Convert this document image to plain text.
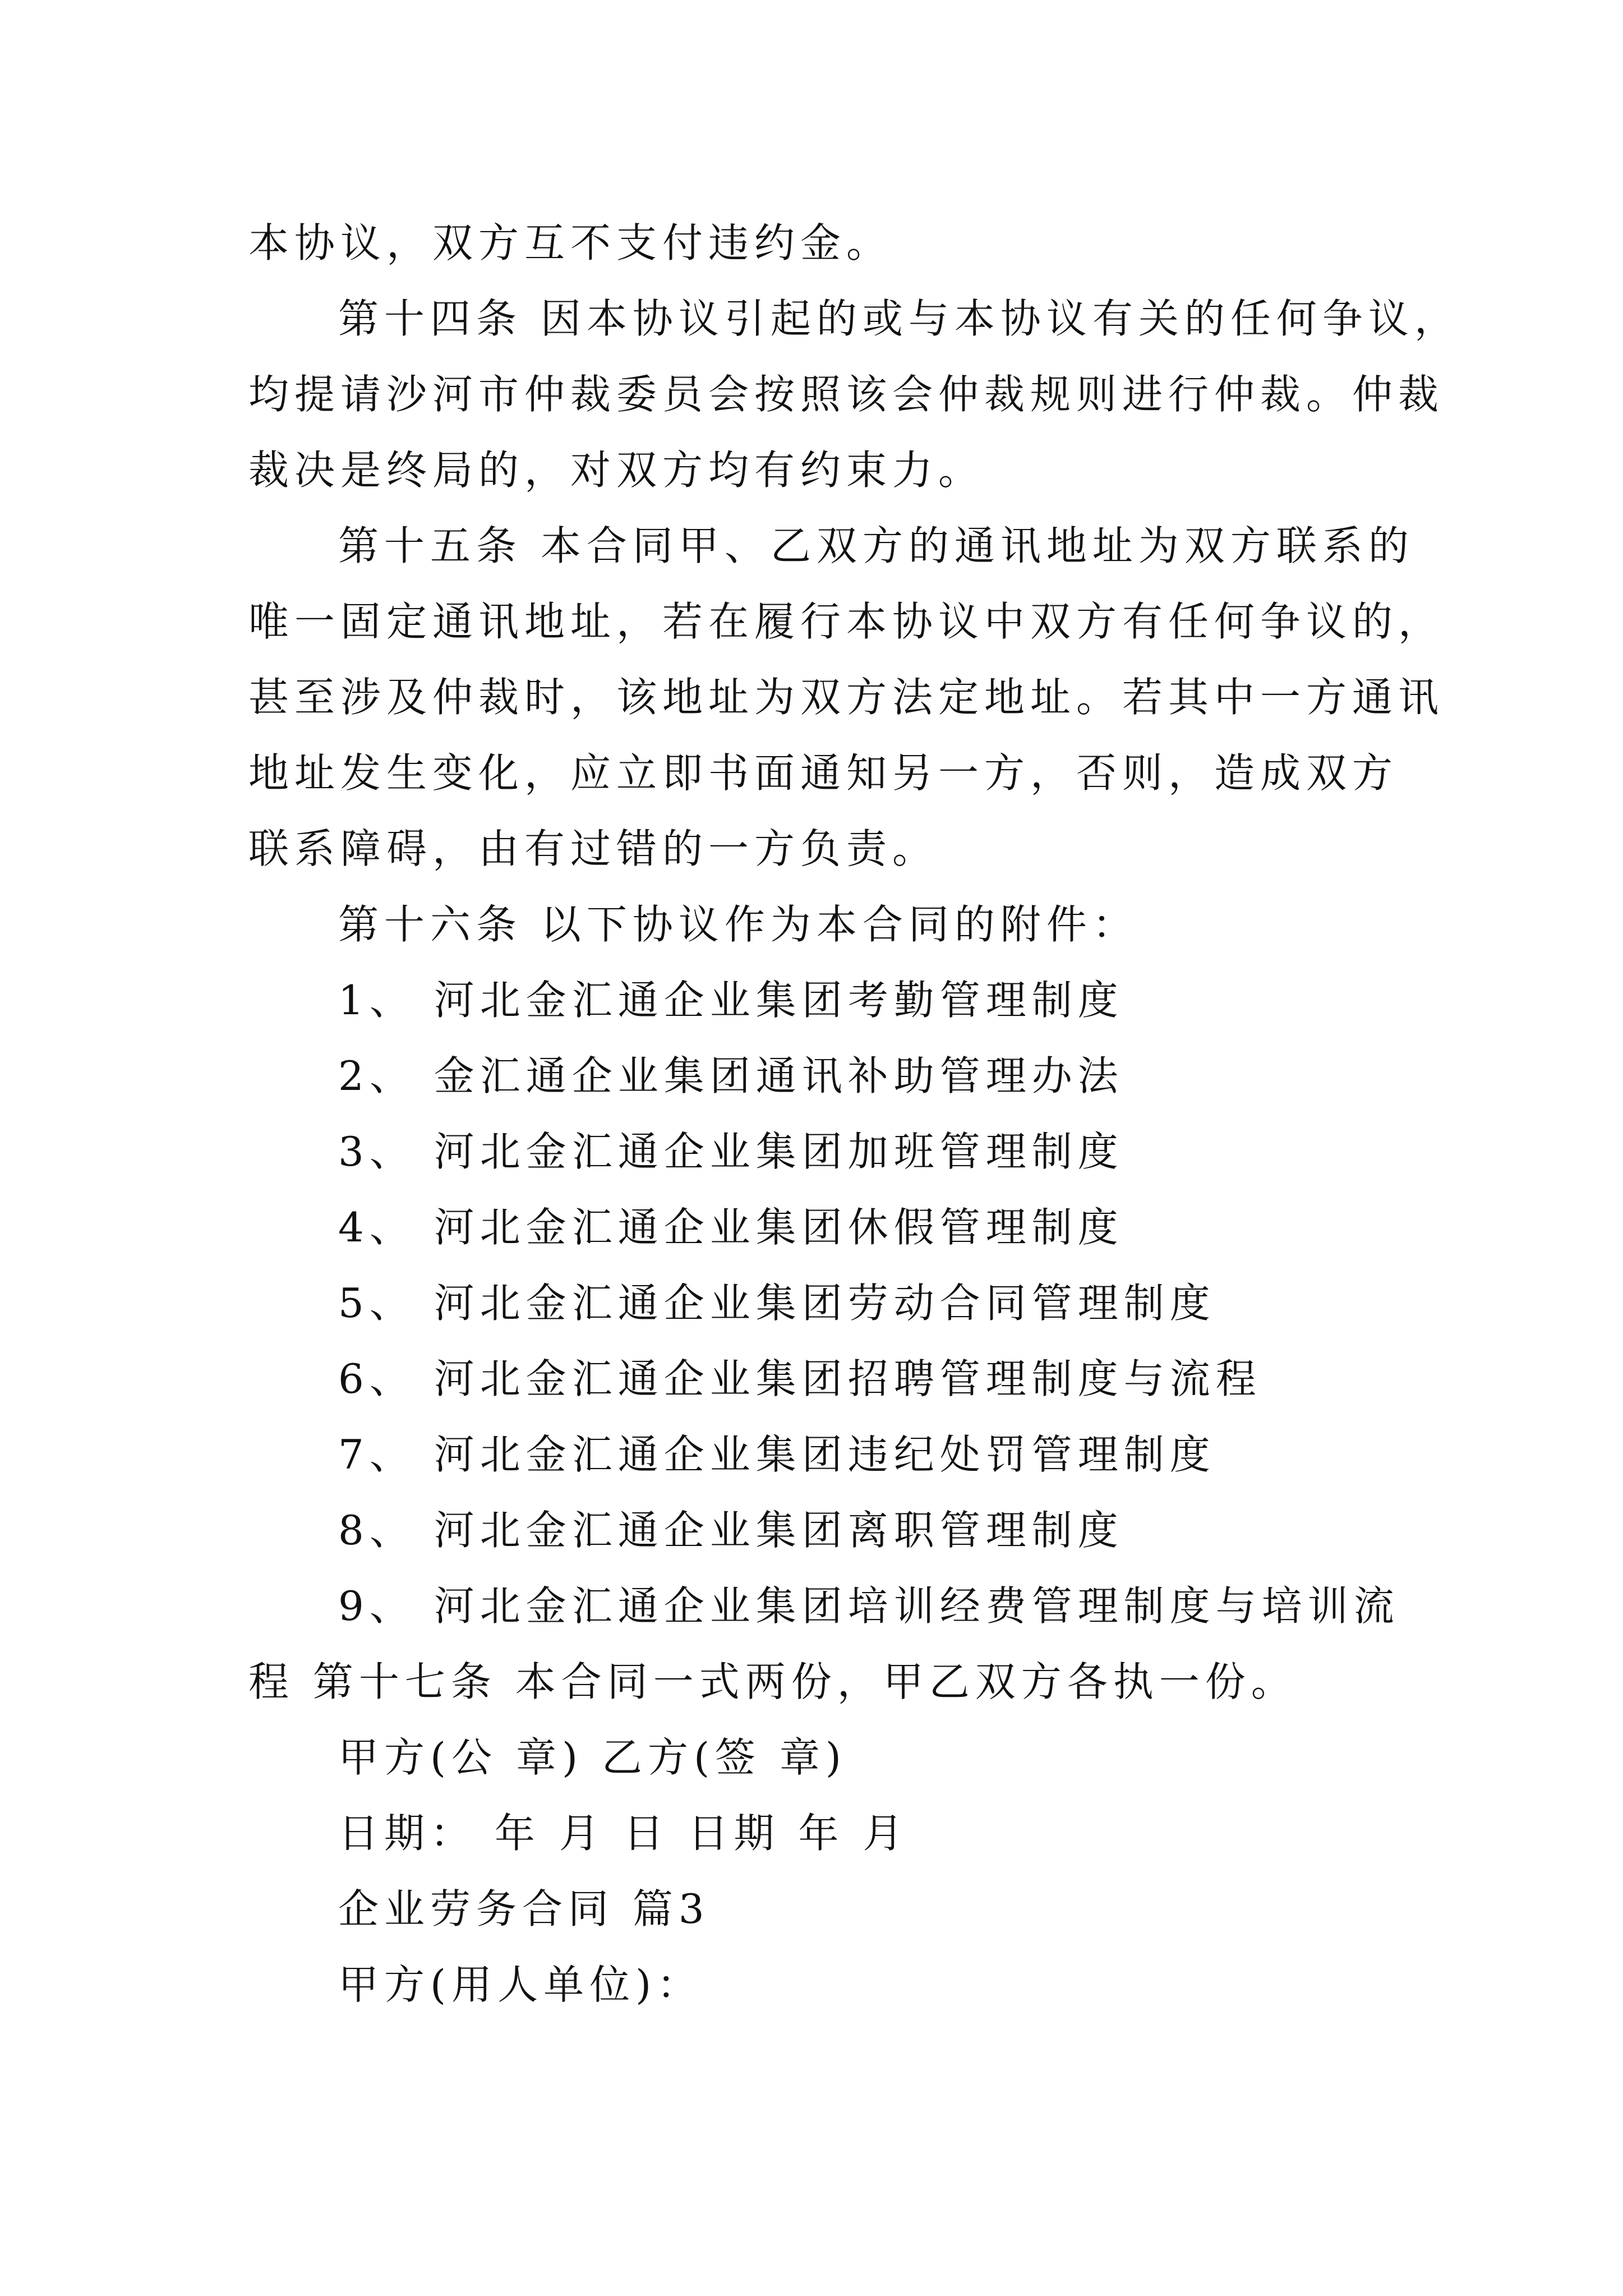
本协议，双方互不支付违约金。
第十四条 因本协议引起的或与本协议有关的任何争议，
均提请沙河市仲裁委员会按照该会仲裁规则进行仲裁。仲裁
裁决是终局的，对双方均有约束力。
第十五条 本合同甲、乙双方的通讯地址为双方联系的
唯一固定通讯地址，若在履行本协议中双方有任何争议的，
甚至涉及仲裁时，该地址为双方法定地址。若其中一方通讯
地址发生变化，应立即书面通知另一方，否则，造成双方
联系障碍，由有过错的一方负责。
第十六条 以下协议作为本合同的附件：
1、 河北金汇通企业集团考勤管理制度
2、 金汇通企业集团通讯补助管理办法
3、 河北金汇通企业集团加班管理制度
4、 河北金汇通企业集团休假管理制度
5、 河北金汇通企业集团劳动合同管理制度
6、 河北金汇通企业集团招聘管理制度与流程
7、 河北金汇通企业集团违纪处罚管理制度
8、 河北金汇通企业集团离职管理制度
9、 河北金汇通企业集团培训经费管理制度与培训流
程 第十七条 本合同一式两份，甲乙双方各执一份。
甲方(公 章) 乙方(签 章)
日期： 年 月 日 日期 年 月
企业劳务合同 篇3
甲方(用人单位)：
